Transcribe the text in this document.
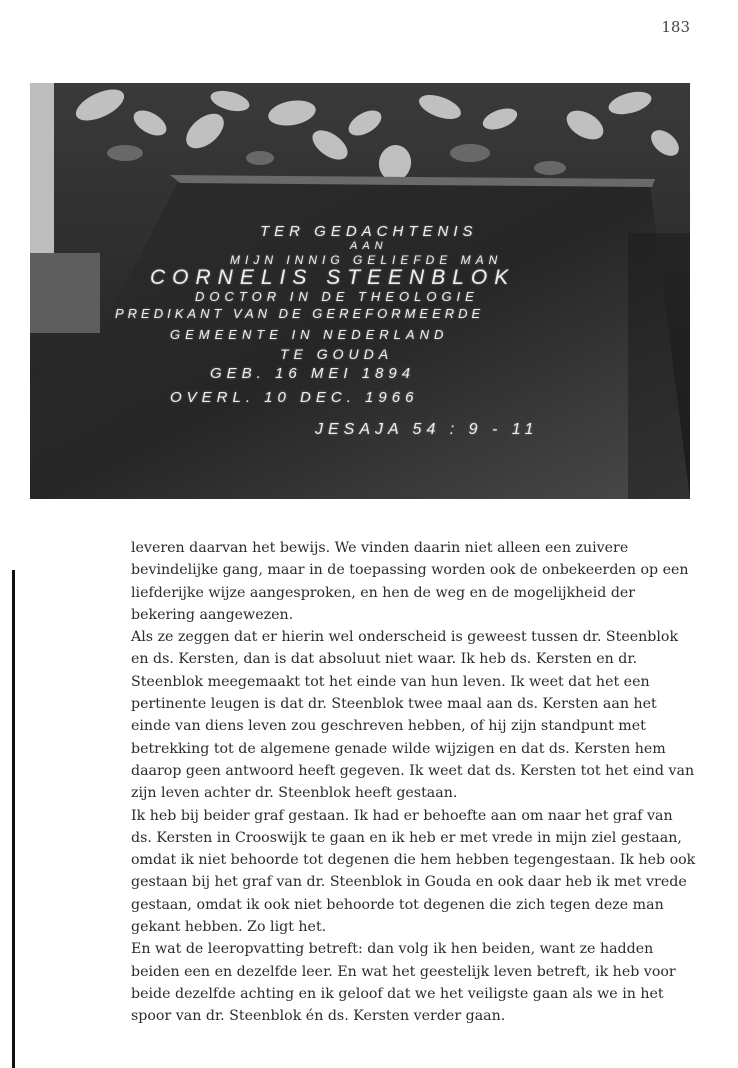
183
TER GEDACHTENIS
AAN
MIJN INNIG GELIEFDE MAN
CORNELIS STEENBLOK
DOCTOR IN DE THEOLOGIE
PREDIKANT VAN DE GEREFORMEERDE
GEMEENTE IN NEDERLAND
TE GOUDA
GEB. 16 MEI 1894
OVERL. 10 DEC. 1966
JESAJA 54 : 9 - 11

leveren daarvan het bewijs. We vinden daarin niet alleen een zuivere bevindelijke gang, maar in de toepassing worden ook de onbekeerden op een liefderijke wijze aangesproken, en hen de weg en de mogelijkheid der bekering aangewezen.

Als ze zeggen dat er hierin wel onderscheid is geweest tussen dr. Steenblok en ds. Kersten, dan is dat absoluut niet waar. Ik heb ds. Kersten en dr. Steenblok meegemaakt tot het einde van hun leven. Ik weet dat het een pertinente leugen is dat dr. Steenblok twee maal aan ds. Kersten aan het einde van diens leven zou geschreven hebben, of hij zijn standpunt met betrekking tot de algemene genade wilde wijzigen en dat ds. Kersten hem daarop geen antwoord heeft gegeven. Ik weet dat ds. Kersten tot het eind van zijn leven achter dr. Steenblok heeft gestaan.

Ik heb bij beider graf gestaan. Ik had er behoefte aan om naar het graf van ds. Kersten in Crooswijk te gaan en ik heb er met vrede in mijn ziel gestaan, omdat ik niet behoorde tot degenen die hem hebben tegengestaan. Ik heb ook gestaan bij het graf van dr. Steenblok in Gouda en ook daar heb ik met vrede gestaan, omdat ik ook niet behoorde tot degenen die zich tegen deze man gekant hebben. Zo ligt het.

En wat de leeropvatting betreft: dan volg ik hen beiden, want ze hadden beiden een en dezelfde leer. En wat het geestelijk leven betreft, ik heb voor beide dezelfde achting en ik geloof dat we het veiligste gaan als we in het spoor van dr. Steenblok én ds. Kersten verder gaan.
